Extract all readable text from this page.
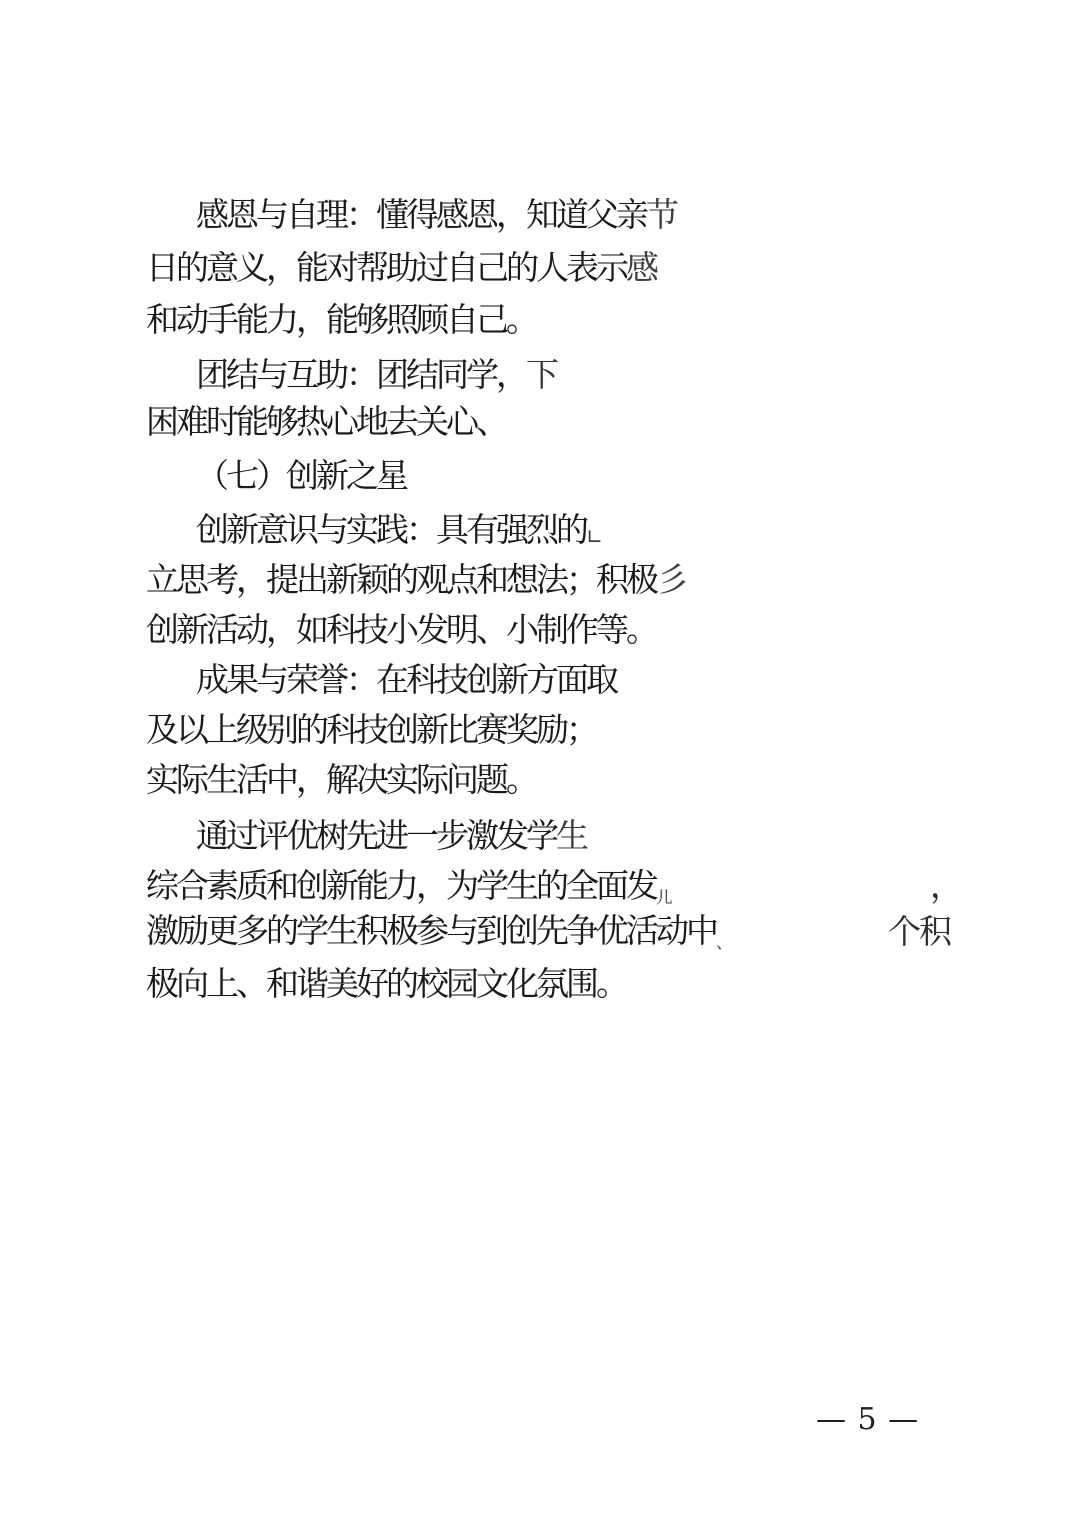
感恩与自理：懂得感恩，知道父亲节
日的意义，能对帮助过自己的人表示感
和动手能力，能够照顾自己。
团结与互助：团结同学，下
困难时能够热心地去关心、
（七）创新之星
创新意识与实践：具有强烈的∟
立思考，提出新颖的观点和想法；积极彡
创新活动，如科技小发明、小制作等。
成果与荣誉：在科技创新方面取
及以上级别的科技创新比赛奖励；
实际生活中，解决实际问题。
通过评优树先进一步激发学生
综合素质和创新能力，为学生的全面发儿
激励更多的学生积极参与到创先争优活动中、
极向上、和谐美好的校园文化氛围。
，
个积
— 5 —
